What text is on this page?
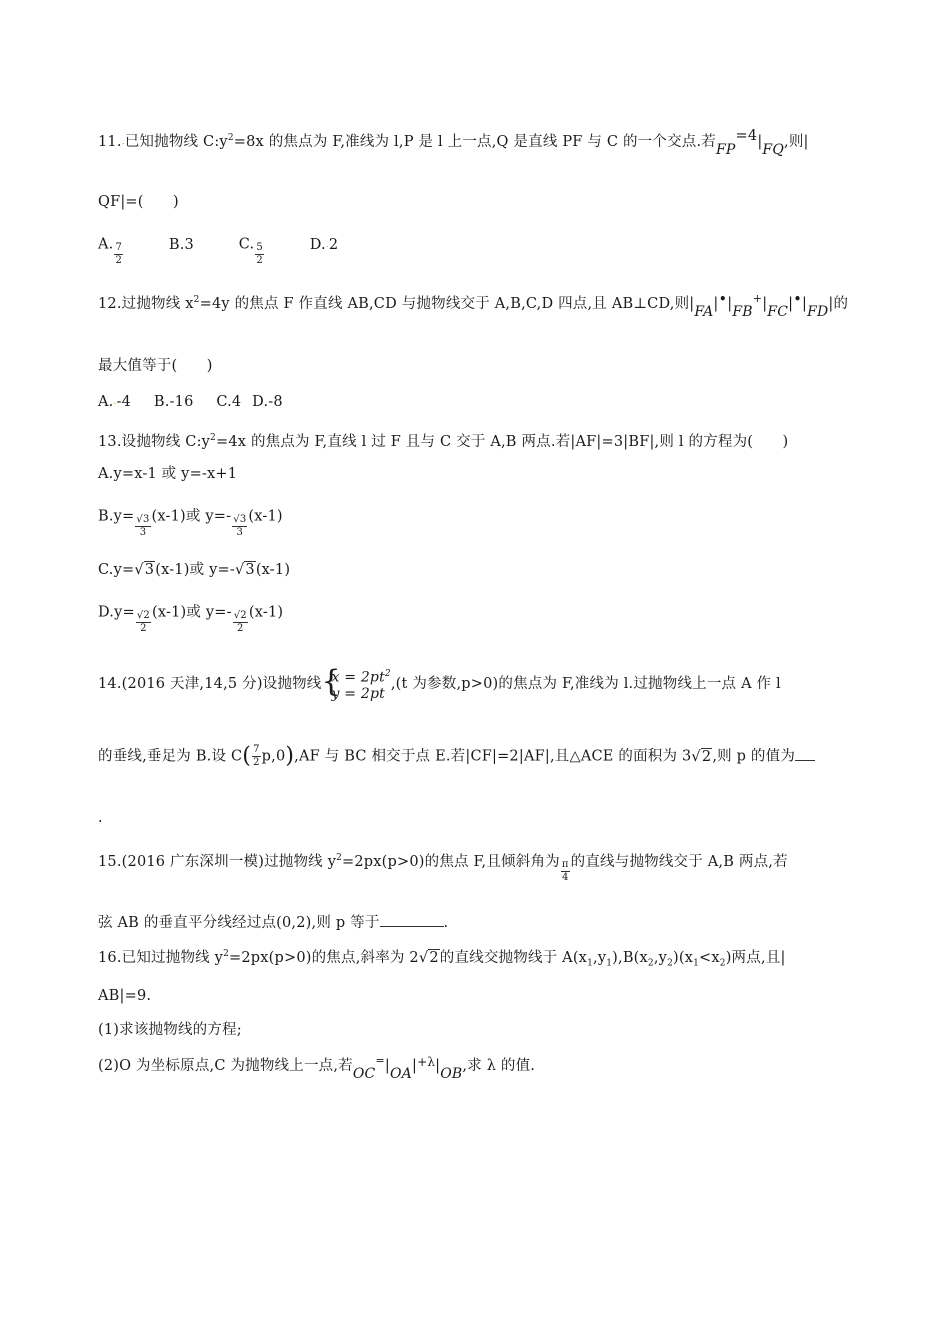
11..已知抛物线 $C:y^2=8x$ 的焦点为 F,准线为 l,P 是 l 上一点,Q 是直线 PF 与 C 的一个交点.若FP=4|FQ,则|
QF|=(　　)
A. $\frac{7}{2}$	B.3	C. $\frac{5}{2}$	D..2
12.过抛物线 $x^2=4y$ 的焦点 F 作直线 AB,CD 与抛物线交于 A,B,C,D 四点,且 AB⊥CD,则|FA|•|FB+|FC|•|FD|的
最大值等于(　　)
A..-4 B.-16 C.4 D.-8
13.设抛物线 $C:y^2=4x$ 的焦点为 F,直线 l 过 F 且与 C 交于 A,B 两点.若|AF|=3|BF|,则 l 的方程为(　　)
A.y=x-1 或 y=-x+1
$B.y= \frac{√3}{3} (x-1)$或 $y=- \frac{√3}{3} (x-1)$
C.y=√3(x-1)或 y=-√3(x-1)
$D.y= \frac{√2}{2} (x-1)$或 $y=- \frac{√2}{2} (x-1)$
14.(2016 天津,14,5 分)设抛物线 {
$x = 2pt^2$
y = 2pt
,(t 为参数,p>0)的焦点为 F,准线为 l.过抛物线上一点 A 作 l
的垂线,垂足为 B.设 $C( \frac{7}{2} p,0),AF$ 与 BC 相交于点 E.若|CF|=2|AF|,且△ACE 的面积为 3√2,则 p 的值为
.
15.(2016 广东深圳一模)过抛物线 $y^2=2px(p>0)$的焦点 F,且倾斜角为 $\frac{\pi}{4}$ 的直线与抛物线交于 A,B 两点,若
弦 AB 的垂直平分线经过点(0,2),则 p 等于	.
16.已知过抛物线 $y^2=2px(p>0)$的焦点,斜率为 2√2的直线交抛物线于 $A(x_1,y_1),B(x_2,y_2)(x_1<x_2)$两点,且|
AB|=9.
(1)求该抛物线的方程;
(2)O 为坐标原点,C 为抛物线上一点,若$OC^=|OA|^{+\lambda}|OB$,求 λ 的值.
